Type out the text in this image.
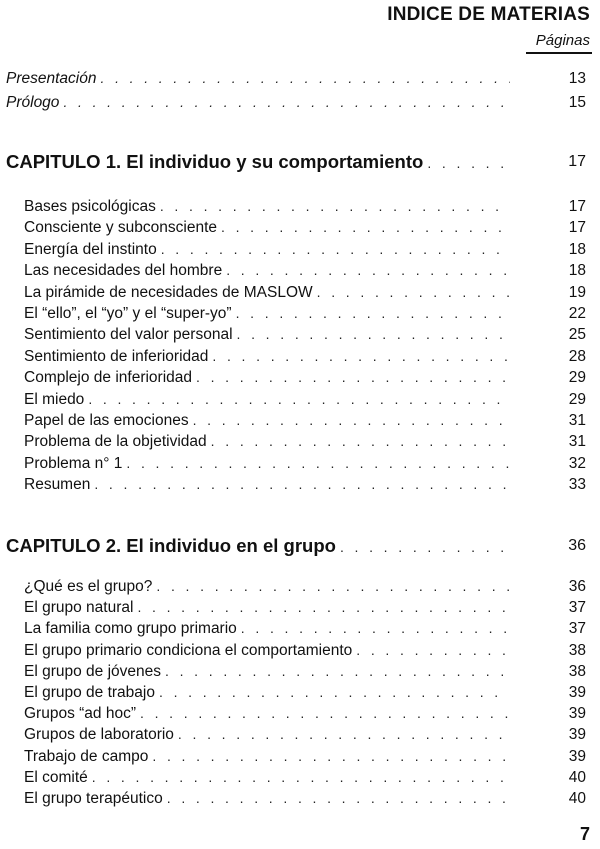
INDICE DE MATERIAS
Páginas
Presentación . . .	13
Prólogo . . .	15
CAPITULO 1. El individuo y su comportamiento . . .	17
Bases psicológicas . . .	17
Consciente y subconsciente . . .	17
Energía del instinto . . .	18
Las necesidades del hombre . . .	18
La pirámide de necesidades de MASLOW . . .	19
El “ello”, el “yo” y el “super-yo” . . .	22
Sentimiento del valor personal . . .	25
Sentimiento de inferioridad . . .	28
Complejo de inferioridad . . .	29
El miedo . . .	29
Papel de las emociones . . .	31
Problema de la objetividad . . .	31
Problema n° 1 . . .	32
Resumen . . .	33
CAPITULO 2. El individuo en el grupo . . .	36
¿Qué es el grupo? . . .	36
El grupo natural . . .	37
La familia como grupo primario . . .	37
El grupo primario condiciona el comportamiento . . .	38
El grupo de jóvenes . . .	38
El grupo de trabajo . . .	39
Grupos “ad hoc” . . .	39
Grupos de laboratorio . . .	39
Trabajo de campo . . .	39
El comité . . .	40
El grupo terapéutico . . .	40
7
